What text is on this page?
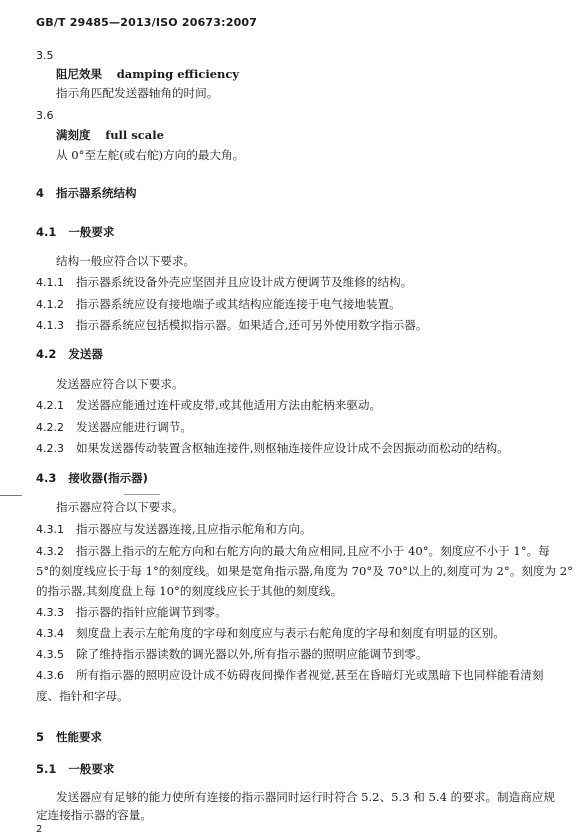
GB/T 29485—2013/ISO 20673:2007
3.5
阻尼效果 damping efficiency
指示角匹配发送器轴角的时间。
3.6
满刻度 full scale
从 0°至左舵(或右舵)方向的最大角。
4 指示器系统结构
4.1 一般要求
结构一般应符合以下要求。
4.1.1 指示器系统设备外壳应坚固并且应设计成方便调节及维修的结构。
4.1.2 指示器系统应设有接地端子或其结构应能连接于电气接地装置。
4.1.3 指示器系统应包括模拟指示器。如果适合,还可另外使用数字指示器。
4.2 发送器
发送器应符合以下要求。
4.2.1 发送器应能通过连杆或皮带,或其他适用方法由舵柄来驱动。
4.2.2 发送器应能进行调节。
4.2.3 如果发送器传动装置含枢轴连接件,则枢轴连接件应设计成不会因振动而松动的结构。
4.3 接收器(指示器)
指示器应符合以下要求。
4.3.1 指示器应与发送器连接,且应指示舵角和方向。
4.3.2 指示器上指示的左舵方向和右舵方向的最大角应相同,且应不小于 40°。刻度应不小于 1°。每
5°的刻度线应长于每 1°的刻度线。如果是宽角指示器,角度为 70°及 70°以上的,刻度可为 2°。刻度为 2°
的指示器,其刻度盘上每 10°的刻度线应长于其他的刻度线。
4.3.3 指示器的指针应能调节到零。
4.3.4 刻度盘上表示左舵角度的字母和刻度应与表示右舵角度的字母和刻度有明显的区别。
4.3.5 除了维持指示器读数的调光器以外,所有指示器的照明应能调节到零。
4.3.6 所有指示器的照明应设计成不妨碍夜间操作者视觉,甚至在昏暗灯光或黑暗下也同样能看清刻
度、指针和字母。
5 性能要求
5.1 一般要求
发送器应有足够的能力使所有连接的指示器同时运行时符合 5.2、5.3 和 5.4 的要求。制造商应规
定连接指示器的容量。
2
